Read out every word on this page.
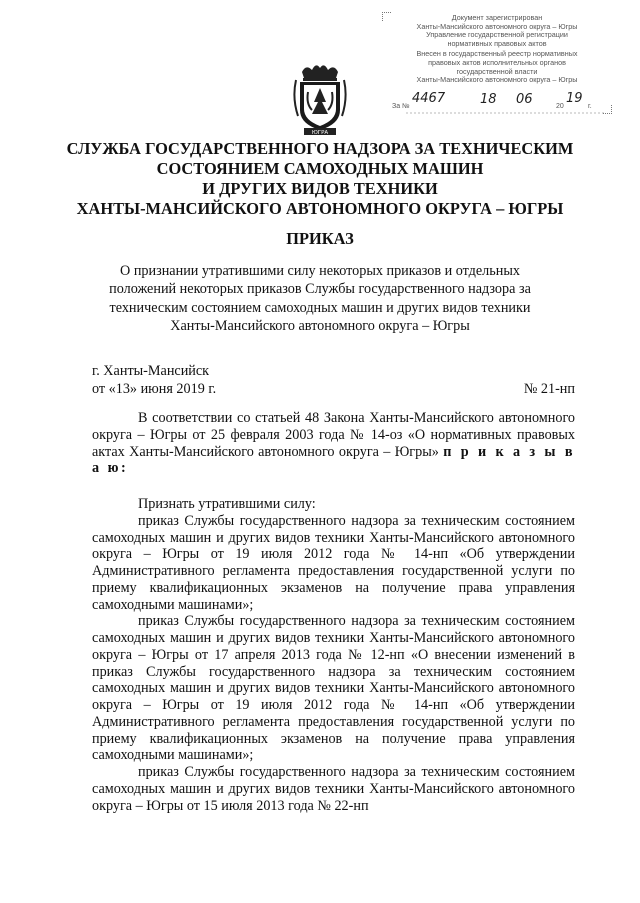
Документ зарегистрирован
Ханты-Мансийского автономного округа – Югры
Управление государственной регистрации
нормативных правовых актов
Внесен в государственный реестр нормативных
правовых актов исполнительных органов
государственной власти
Ханты-Мансийского автономного округа – Югры
За №
4467	18 06	20
19
г.
ЮГРА
СЛУЖБА ГОСУДАРСТВЕННОГО НАДЗОРА ЗА ТЕХНИЧЕСКИМ
СОСТОЯНИЕМ САМОХОДНЫХ МАШИН
И ДРУГИХ ВИДОВ ТЕХНИКИ
ХАНТЫ-МАНСИЙСКОГО АВТОНОМНОГО ОКРУГА – ЮГРЫ
ПРИКАЗ
О признании утратившими силу некоторых приказов и отдельных
положений некоторых приказов Службы государственного надзора за
техническим состоянием самоходных машин и других видов техники
Ханты-Мансийского автономного округа – Югры
г. Ханты-Мансийск
от «13» июня 2019 г.	№ 21-нп

В соответствии со статьей 48 Закона Ханты-Мансийского автономного округа – Югры от 25 февраля 2003 года № 14-оз «О нормативных правовых актах Ханты-Мансийского автономного округа – Югры» п р и к а з ы в а ю:

Признать утратившими силу:

приказ Службы государственного надзора за техническим состоянием самоходных машин и других видов техники Ханты-Мансийского автономного округа – Югры от 19 июля 2012 года № 14-нп «Об утверждении Административного регламента предоставления государственной услуги по приему квалификационных экзаменов на получение права управления самоходными машинами»;

приказ Службы государственного надзора за техническим состоянием самоходных машин и других видов техники Ханты-Мансийского автономного округа – Югры от 17 апреля 2013 года № 12-нп «О внесении изменений в приказ Службы государственного надзора за техническим состоянием самоходных машин и других видов техники Ханты-Мансийского автономного округа – Югры от 19 июля 2012 года № 14-нп «Об утверждении Административного регламента предоставления государственной услуги по приему квалификационных экзаменов на получение права управления самоходными машинами»;

приказ Службы государственного надзора за техническим состоянием самоходных машин и других видов техники Ханты-Мансийского автономного округа – Югры от 15 июля 2013 года № 22-нп
